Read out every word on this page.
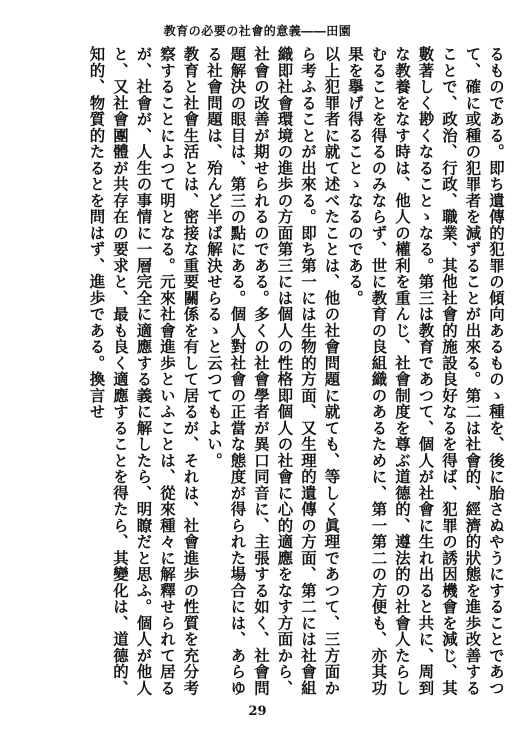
教育の必要の社會的意義――田園

るものである。即ち遺傳的犯罪の傾向あるものゝ種を、後に胎さぬやうにすることであつて、確に或種の犯罪者を減ずることが出來る。第二は社會的、經濟的狀態を進歩改善することで、政治、行政、職業、其他社會的施設良好なるを得ば、犯罪の誘因機會を減じ、其數著しく尠くなることゝなる。第三は教育であつて、個人が社會に生れ出ると共に、周到な教養をなす時は、他人の權利を重んじ、社會制度を尊ぶ道德的、遵法的の社會人たらしむることを得るのみならず、世に教育の良組織のあるために、第一第二の方便も、亦其功果を擧げ得ることゝなるのである。

以上犯罪者に就て述べたことは、他の社會問題に就ても、等しく眞理であつて、三方面から考ふることが出來る。即ち第一には生物的方面、又生理的遺傳の方面、第二には社會組織即社會環境の進歩の方面第三には個人の性格即個人の社會に心的適應をなす方面から、社會の改善が期せられるのである。多くの社會學者が異口同音に、主張する如く、社會問題解決の眼目は、第三の點にある。個人對社會の正當な態度が得られた場合には、あらゆる社會問題は、殆んど半ば解決せらるゝと云つてもよい。

教育と社會生活とは、密接な重要關係を有して居るが、それは、社會進歩の性質を充分考察することによつて明となる。元來社會進歩といふことは、從來種々に解釋せられて居るが、社會が、人生の事情に一層完全に適應する義に解したら、明瞭だと思ふ。個人が他人と、又社會團體が共存在の要求と、最も良く適應することを得たら、其變化は、道德的、知的、物質的たるとを問はず、進歩である。換言せ

29
